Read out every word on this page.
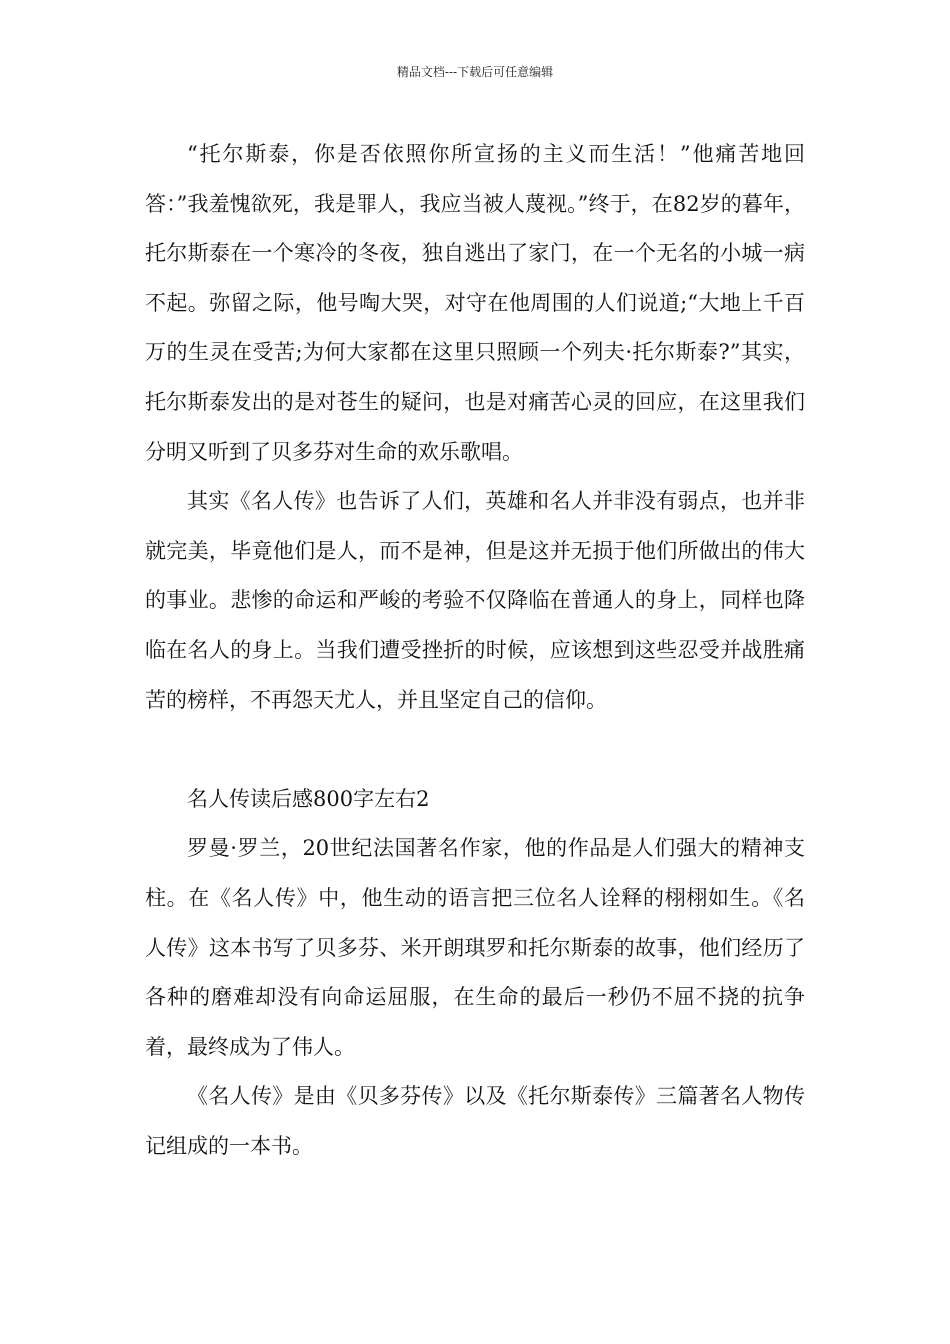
精品文档---下载后可任意编辑

“托尔斯泰，你是否依照你所宣扬的主义而生活！”他痛苦地回答：”我羞愧欲死，我是罪人，我应当被人蔑视。”终于，在82岁的暮年，托尔斯泰在一个寒冷的冬夜，独自逃出了家门，在一个无名的小城一病不起。弥留之际，他号啕大哭，对守在他周围的人们说道;“大地上千百万的生灵在受苦;为何大家都在这里只照顾一个列夫·托尔斯泰?”其实，托尔斯泰发出的是对苍生的疑问，也是对痛苦心灵的回应，在这里我们分明又听到了贝多芬对生命的欢乐歌唱。

其实《名人传》也告诉了人们，英雄和名人并非没有弱点，也并非就完美，毕竟他们是人，而不是神，但是这并无损于他们所做出的伟大的事业。悲惨的命运和严峻的考验不仅降临在普通人的身上，同样也降临在名人的身上。当我们遭受挫折的时候，应该想到这些忍受并战胜痛苦的榜样，不再怨天尤人，并且坚定自己的信仰。

名人传读后感800字左右2

罗曼·罗兰，20世纪法国著名作家，他的作品是人们强大的精神支柱。在《名人传》中，他生动的语言把三位名人诠释的栩栩如生。《名人传》这本书写了贝多芬、米开朗琪罗和托尔斯泰的故事，他们经历了各种的磨难却没有向命运屈服，在生命的最后一秒仍不屈不挠的抗争着，最终成为了伟人。

《名人传》是由《贝多芬传》以及《托尔斯泰传》三篇著名人物传记组成的一本书。
